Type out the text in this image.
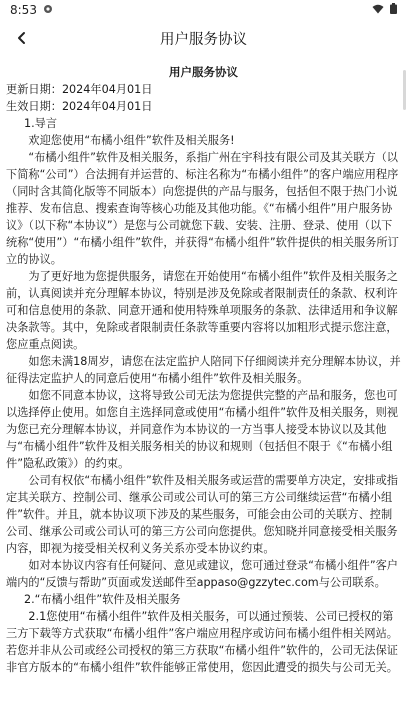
8:53
用户服务协议
用户服务协议

更新日期：2024年04月01日

生效日期：2024年04月01日

1.导言

欢迎您使用“布橘小组件”软件及相关服务!

“布橘小组件”软件及相关服务，系指广州在宇科技有限公司及其关联方（以下简称“公司”）合法拥有并运营的、标注名称为“布橘小组件”的客户端应用程序（同时含其简化版等不同版本）向您提供的产品与服务，包括但不限于热门小说推荐、发布信息、搜索查询等核心功能及其他功能。《“布橘小组件”用户服务协议》（以下称“本协议”）是您与公司就您下载、安装、注册、登录、使用（以下统称“使用”）“布橘小组件”软件，并获得“布橘小组件”软件提供的相关服务所订立的协议。

为了更好地为您提供服务，请您在开始使用“布橘小组件”软件及相关服务之前，认真阅读并充分理解本协议，特别是涉及免除或者限制责任的条款、权利许可和信息使用的条款、同意开通和使用特殊单项服务的条款、法律适用和争议解决条款等。其中，免除或者限制责任条款等重要内容将以加粗形式提示您注意，您应重点阅读。

如您未满18周岁，请您在法定监护人陪同下仔细阅读并充分理解本协议，并征得法定监护人的同意后使用“布橘小组件”软件及相关服务。

如您不同意本协议，这将导致公司无法为您提供完整的产品和服务，您也可以选择停止使用。如您自主选择同意或使用“布橘小组件”软件及相关服务，则视为您已充分理解本协议，并同意作为本协议的一方当事人接受本协议以及其他与“布橘小组件”软件及相关服务相关的协议和规则（包括但不限于《“布橘小组件”隐私政策》）的约束。

公司有权依“布橘小组件”软件及相关服务或运营的需要单方决定，安排或指定其关联方、控制公司、继承公司或公司认可的第三方公司继续运营“布橘小组件”软件。并且，就本协议项下涉及的某些服务，可能会由公司的关联方、控制公司、继承公司或公司认可的第三方公司向您提供。您知晓并同意接受相关服务内容，即视为接受相关权利义务关系亦受本协议约束。

如对本协议内容有任何疑问、意见或建议，您可通过登录“布橘小组件”客户端内的“反馈与帮助”页面或发送邮件至appaso@gzzytec.com与公司联系。

2.“布橘小组件”软件及相关服务

2.1您使用“布橘小组件”软件及相关服务，可以通过预装、公司已授权的第三方下载等方式获取“布橘小组件”客户端应用程序或访问布橘小组件相关网站。若您并非从公司或经公司授权的第三方获取“布橘小组件”软件的，公司无法保证非官方版本的“布橘小组件”软件能够正常使用，您因此遭受的损失与公司无关。
